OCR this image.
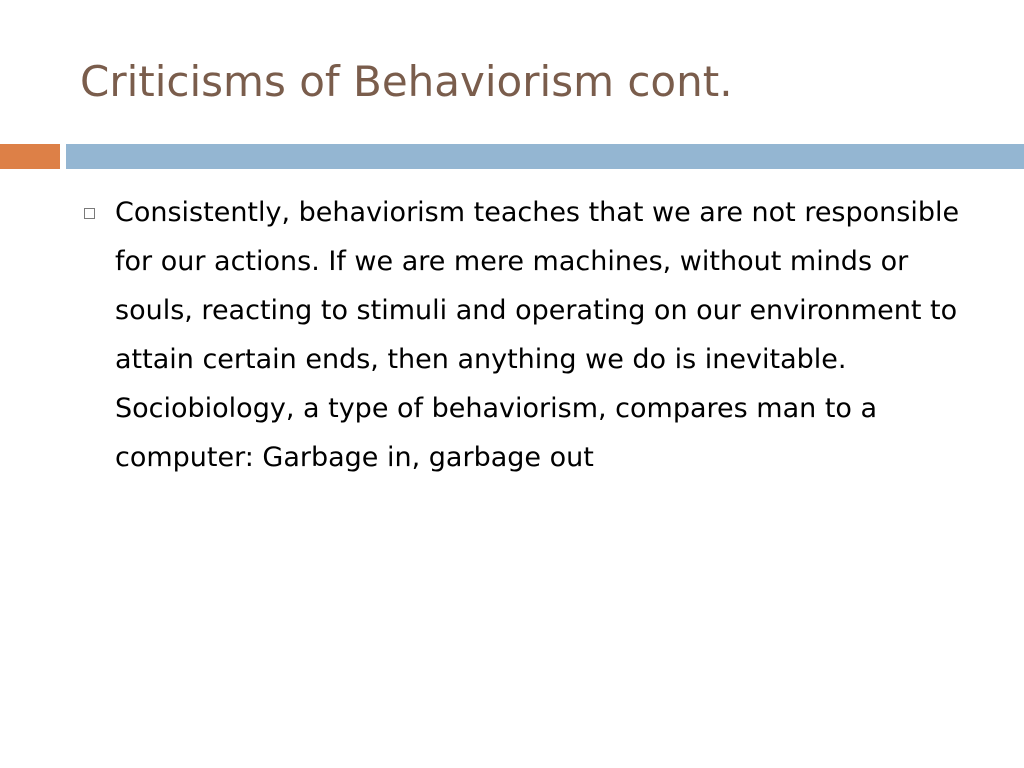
Criticisms of Behaviorism cont.
Consistently, behaviorism teaches that we are not responsible for our actions. If we are mere machines, without minds or souls, reacting to stimuli and operating on our environment to attain certain ends, then anything we do is inevitable. Sociobiology, a type of behaviorism, compares man to a computer: Garbage in, garbage out
